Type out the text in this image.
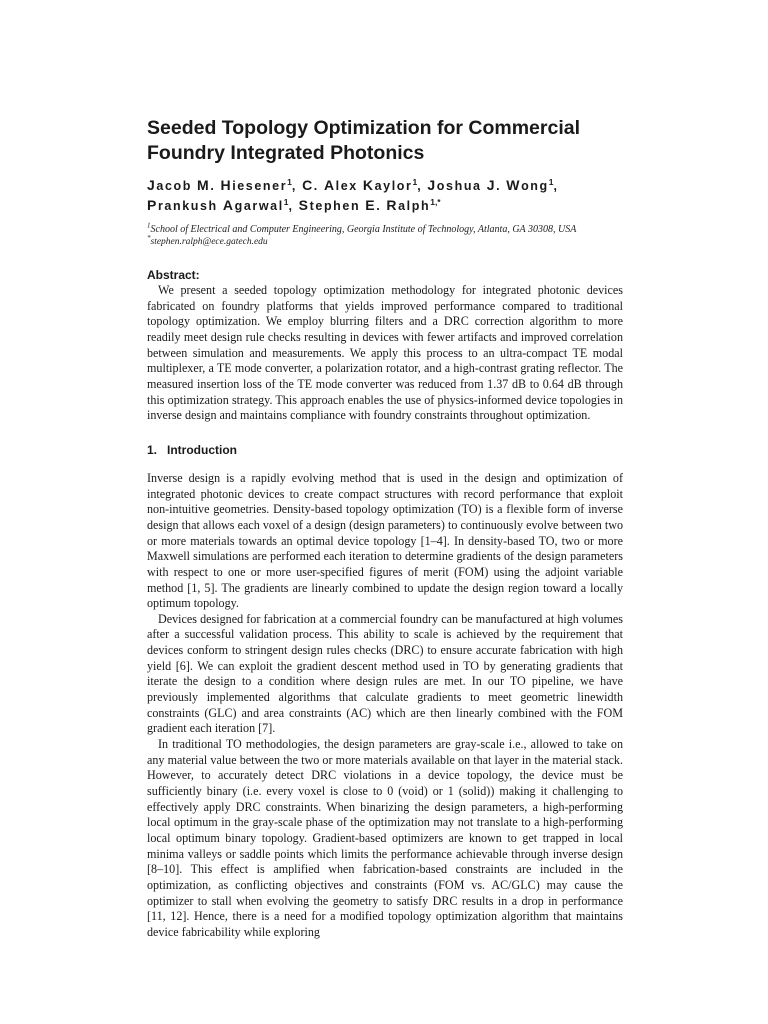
Seeded Topology Optimization for Commercial Foundry Integrated Photonics
Jacob M. Hiesener$^1$, C. Alex Kaylor$^1$, Joshua J. Wong$^1$,
Prankush Agarwal$^1$, Stephen E. Ralph$^{1,*}$
$^1$School of Electrical and Computer Engineering, Georgia Institute of Technology, Atlanta, GA 30308, USA
*stephen.ralph@ece.gatech.edu
Abstract:

We present a seeded topology optimization methodology for integrated photonic devices fabricated on foundry platforms that yields improved performance compared to traditional topology optimization. We employ blurring filters and a DRC correction algorithm to more readily meet design rule checks resulting in devices with fewer artifacts and improved correlation between simulation and measurements. We apply this process to an ultra-compact TE modal multiplexer, a TE mode converter, a polarization rotator, and a high-contrast grating reflector. The measured insertion loss of the TE mode converter was reduced from 1.37 dB to 0.64 dB through this optimization strategy. This approach enables the use of physics-informed device topologies in inverse design and maintains compliance with foundry constraints throughout optimization.

1. Introduction

Inverse design is a rapidly evolving method that is used in the design and optimization of integrated photonic devices to create compact structures with record performance that exploit non-intuitive geometries. Density-based topology optimization (TO) is a flexible form of inverse design that allows each voxel of a design (design parameters) to continuously evolve between two or more materials towards an optimal device topology [1–4]. In density-based TO, two or more Maxwell simulations are performed each iteration to determine gradients of the design parameters with respect to one or more user-specified figures of merit (FOM) using the adjoint variable method [1, 5]. The gradients are linearly combined to update the design region toward a locally optimum topology.

Devices designed for fabrication at a commercial foundry can be manufactured at high volumes after a successful validation process. This ability to scale is achieved by the requirement that devices conform to stringent design rules checks (DRC) to ensure accurate fabrication with high yield [6]. We can exploit the gradient descent method used in TO by generating gradients that iterate the design to a condition where design rules are met. In our TO pipeline, we have previously implemented algorithms that calculate gradients to meet geometric linewidth constraints (GLC) and area constraints (AC) which are then linearly combined with the FOM gradient each iteration [7].

In traditional TO methodologies, the design parameters are gray-scale i.e., allowed to take on any material value between the two or more materials available on that layer in the material stack. However, to accurately detect DRC violations in a device topology, the device must be sufficiently binary (i.e. every voxel is close to 0 (void) or 1 (solid)) making it challenging to effectively apply DRC constraints. When binarizing the design parameters, a high-performing local optimum in the gray-scale phase of the optimization may not translate to a high-performing local optimum binary topology. Gradient-based optimizers are known to get trapped in local minima valleys or saddle points which limits the performance achievable through inverse design [8–10]. This effect is amplified when fabrication-based constraints are included in the optimization, as conflicting objectives and constraints (FOM vs. AC/GLC) may cause the optimizer to stall when evolving the geometry to satisfy DRC results in a drop in performance [11, 12]. Hence, there is a need for a modified topology optimization algorithm that maintains device fabricability while exploring
